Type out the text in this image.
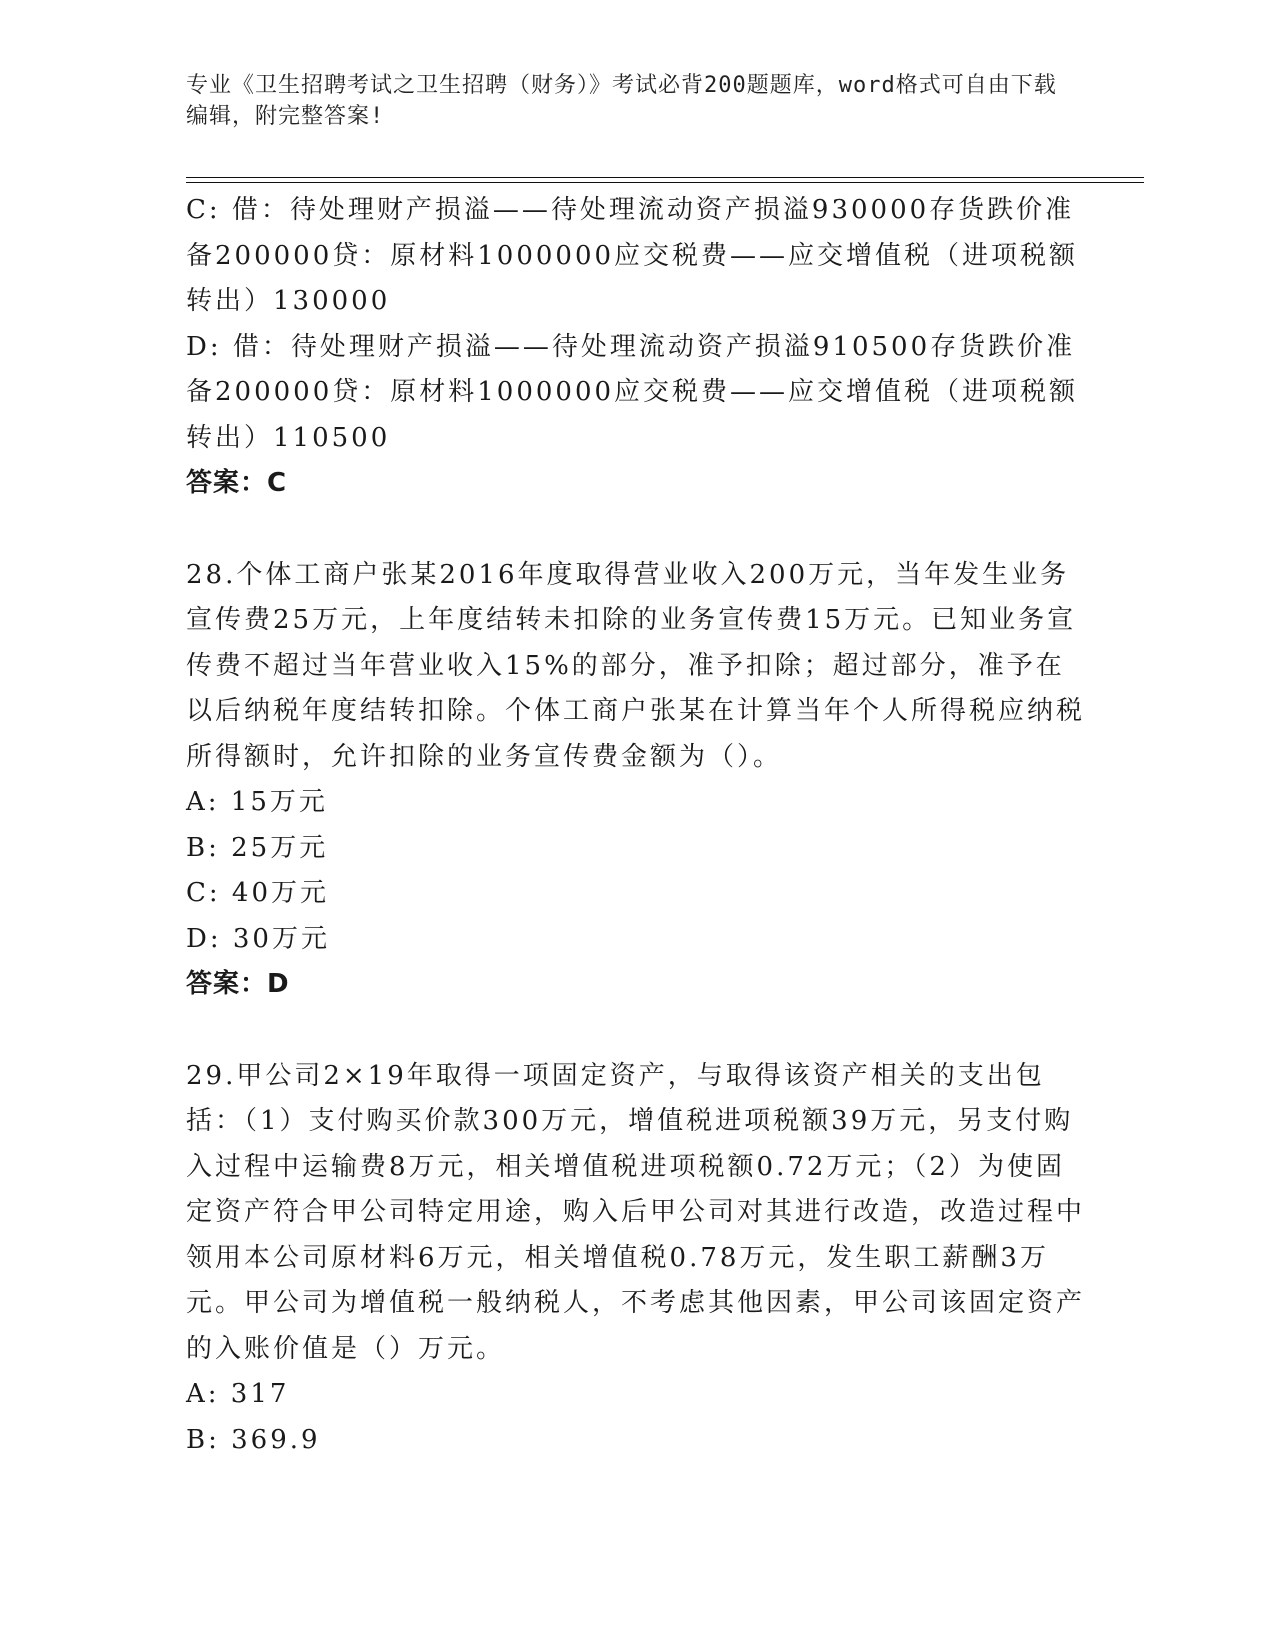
专业《卫生招聘考试之卫生招聘（财务）》考试必背200题题库，word格式可自由下载编辑，附完整答案!

C: 借：待处理财产损溢——待处理流动资产损溢930000存货跌价准备200000贷：原材料1000000应交税费——应交增值税（进项税额转出）130000

D: 借：待处理财产损溢——待处理流动资产损溢910500存货跌价准备200000贷：原材料1000000应交税费——应交增值税（进项税额转出）110500

答案：C

28.个体工商户张某2016年度取得营业收入200万元，当年发生业务宣传费25万元，上年度结转未扣除的业务宣传费15万元。已知业务宣传费不超过当年营业收入15%的部分，准予扣除；超过部分，准予在以后纳税年度结转扣除。个体工商户张某在计算当年个人所得税应纳税所得额时，允许扣除的业务宣传费金额为（）。

A: 15万元

B: 25万元

C: 40万元

D: 30万元

答案：D

29.甲公司2×19年取得一项固定资产，与取得该资产相关的支出包括：（1）支付购买价款300万元，增值税进项税额39万元，另支付购入过程中运输费8万元，相关增值税进项税额0.72万元；（2）为使固定资产符合甲公司特定用途，购入后甲公司对其进行改造，改造过程中领用本公司原材料6万元，相关增值税0.78万元，发生职工薪酬3万元。甲公司为增值税一般纳税人，不考虑其他因素，甲公司该固定资产的入账价值是（）万元。

A: 317

B: 369.9
